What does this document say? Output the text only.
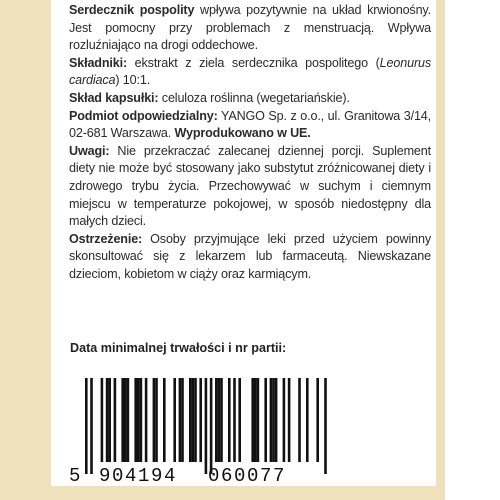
Serdecznik pospolity wpływa pozytywnie na układ krwionośny. Jest pomocny przy problemach z menstruacją. Wpływa rozluźniająco na drogi oddechowe.

Składniki: ekstrakt z ziela serdecznika pospolitego (Leonurus cardiaca) 10:1.

Skład kapsułki: celuloza roślinna (wegetariańskie).

Podmiot odpowiedzialny: YANGO Sp. z o.o., ul. Granitowa 3/14, 02-681 Warszawa. Wyprodukowano w UE.

Uwagi: Nie przekraczać zalecanej dziennej porcji. Suplement diety nie może być stosowany jako substytut zróżnicowanej diety i zdrowego trybu życia. Przechowywać w suchym i ciemnym miejscu w temperaturze pokojowej, w sposób niedostępny dla małych dzieci.

Ostrzeżenie: Osoby przyjmujące leki przed użyciem powinny skonsultować się z lekarzem lub farmaceutą. Niewskazane dzieciom, kobietom w ciąży oraz karmiącym.

Data minimalnej trwałości i nr partii:
5 904194 060077
